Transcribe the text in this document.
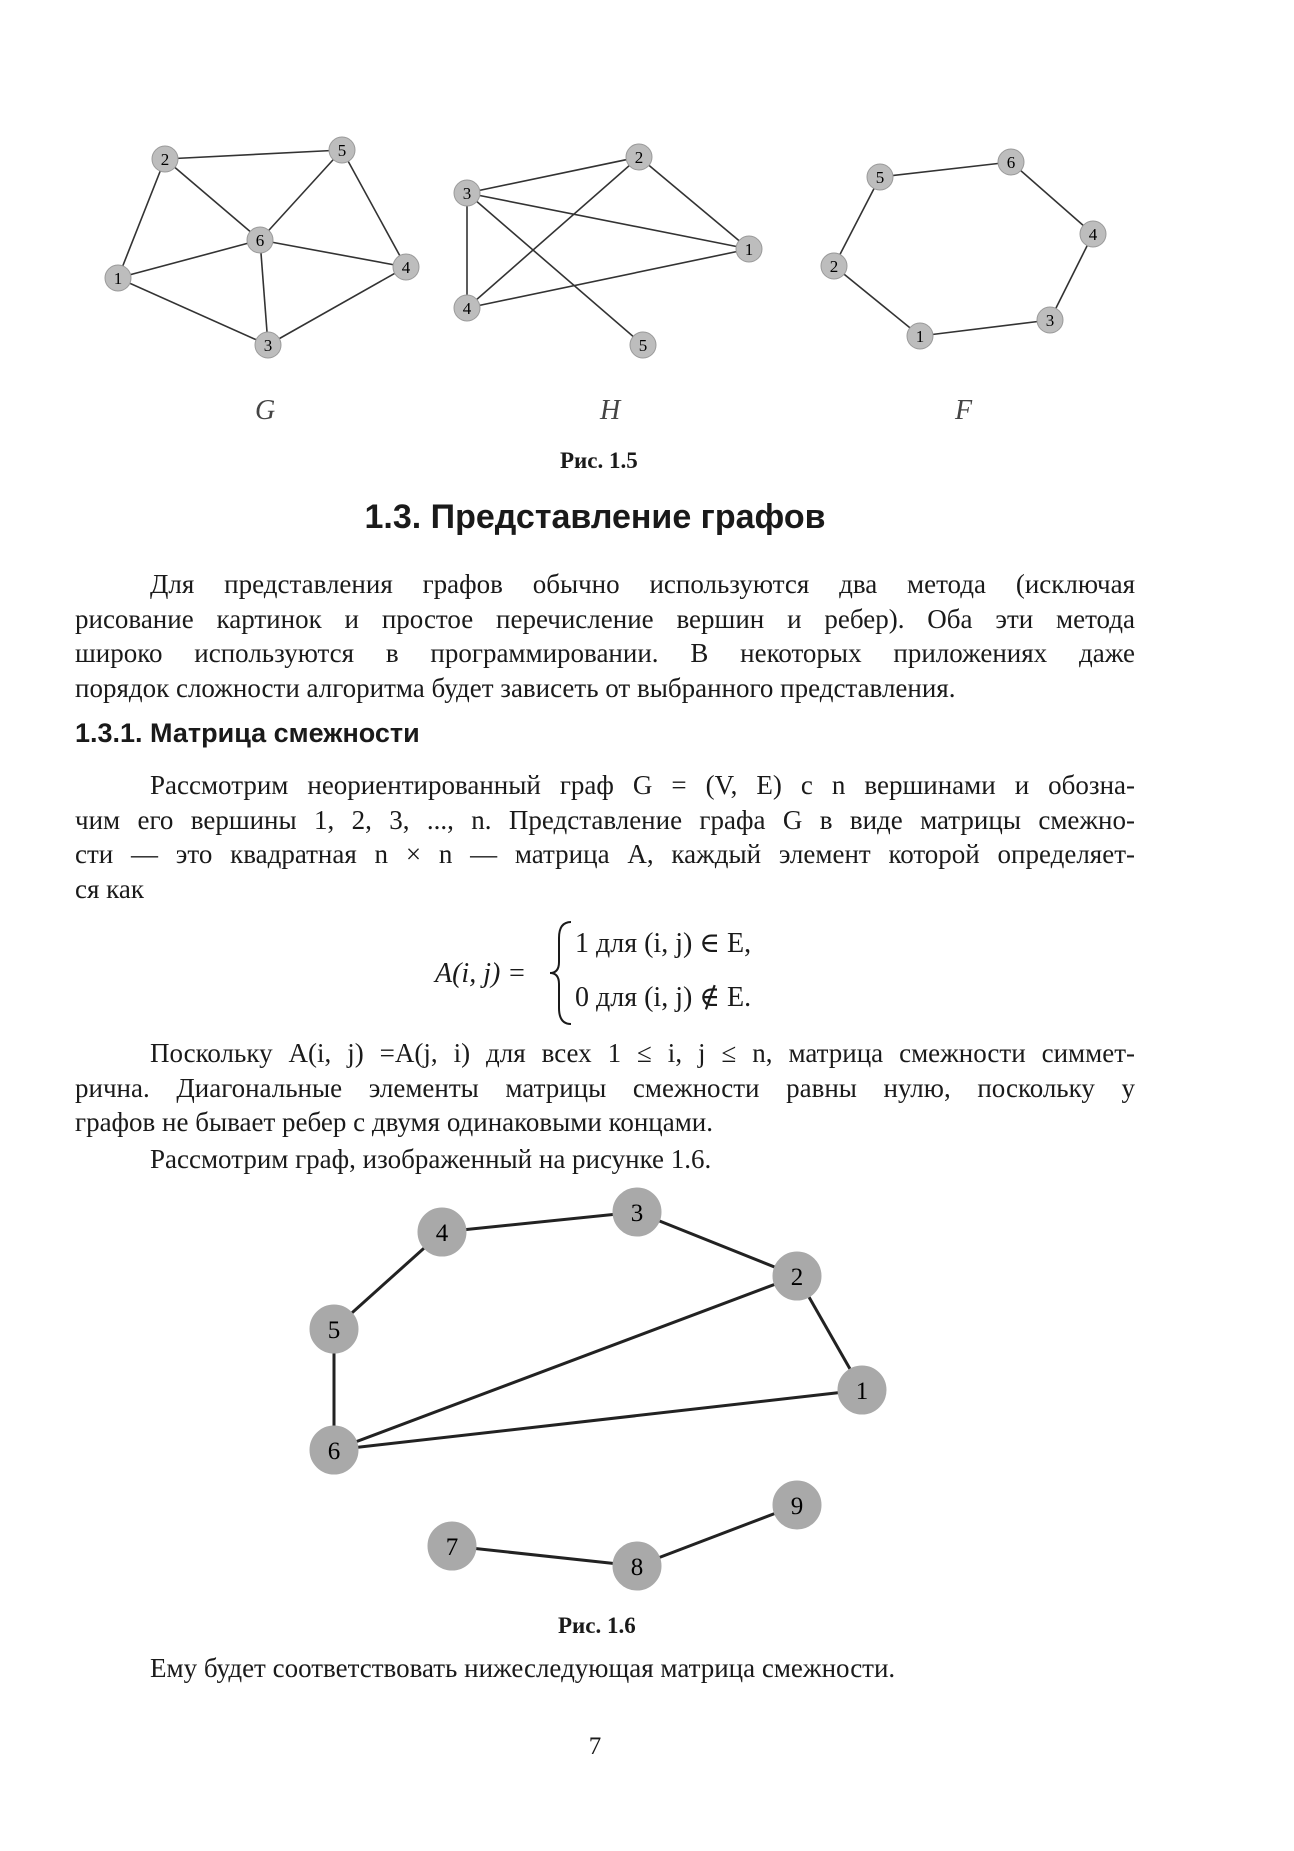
2	5
6
1
4
3
3
2
1
4
5
5
6
4
2
3
1
G	H	F
Рис. 1.5
1.3. Представление графов
Для представления графов обычно используются два метода (исключая
рисование картинок и простое перечисление вершин и ребер). Оба эти метода
широко используются в программировании. В некоторых приложениях даже
порядок сложности алгоритма будет зависеть от выбранного представления.
1.3.1. Матрица смежности
Рассмотрим неориентированный граф G = (V, E) с n вершинами и обозна-
чим его вершины 1, 2, 3, ..., n. Представление графа G в виде матрицы смежно-
сти — это квадратная n × n — матрица A, каждый элемент которой определяет-
ся как
A(i, j) =
1 для (i, j) ∈ E,
0 для (i, j) ∉ E.
Поскольку A(i, j) =A(j, i) для всех 1 ≤ i, j ≤ n, матрица смежности симмет-
рична. Диагональные элементы матрицы смежности равны нулю, поскольку у
графов не бывает ребер с двумя одинаковыми концами.
Рассмотрим граф, изображенный на рисунке 1.6.
3
4
2
5
1
6
9
7
8
Рис. 1.6
Ему будет соответствовать нижеследующая матрица смежности.
7
